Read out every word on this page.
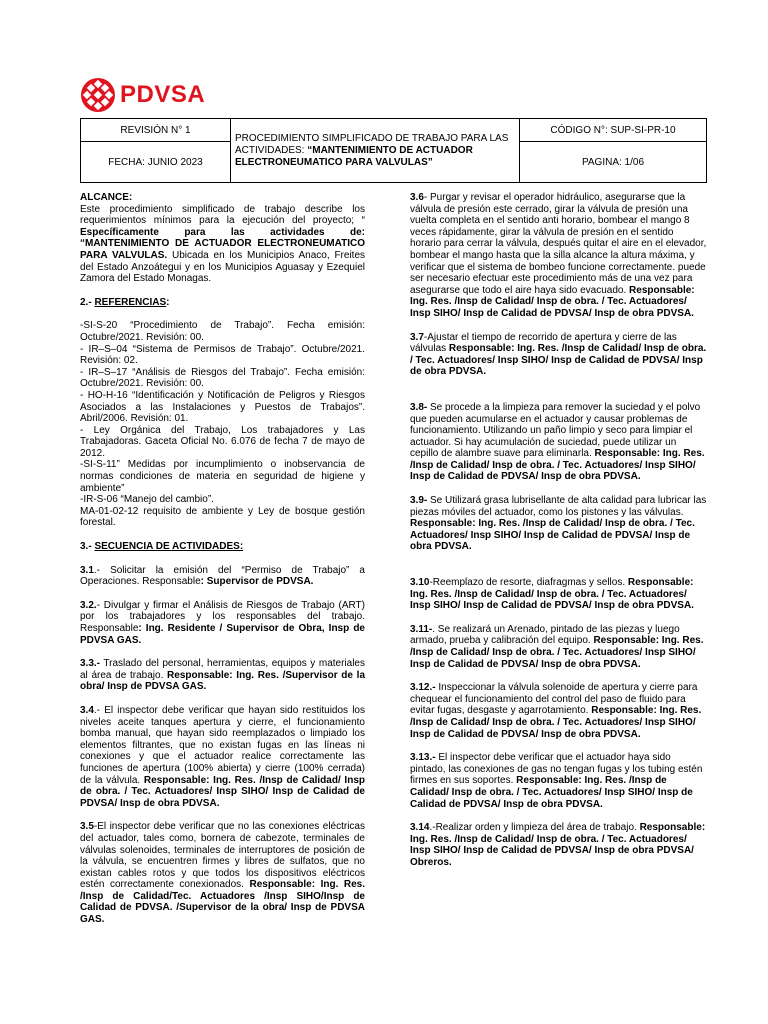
PDVSA
REVISIÓN N° 1	PROCEDIMIENTO SIMPLIFICADO DE TRABAJO PARA LAS ACTIVIDADES: “MANTENIMIENTO DE ACTUADOR ELECTRONEUMATICO PARA VALVULAS”	CÓDIGO N°: SUP-SI-PR-10
FECHA: JUNIO 2023		PAGINA: 1/06

ALCANCE:
Este procedimiento simplificado de trabajo describe los requerimientos mínimos para la ejecución del proyecto; “ Específicamente para las actividades de: “MANTENIMIENTO DE ACTUADOR ELECTRONEUMATICO PARA VALVULAS. Ubicada en los Municipios Anaco, Freites del Estado Anzoátegui y en los Municipios Aguasay y Ezequiel Zamora del Estado Monagas.

2.- REFERENCIAS:

-SI-S-20 “Procedimiento de Trabajo”. Fecha emisión: Octubre/2021. Revisión: 00.
- IR–S–04 “Sistema de Permisos de Trabajo”. Octubre/2021. Revisión: 02.
- IR–S–17 “Análisis de Riesgos del Trabajo”. Fecha emisión: Octubre/2021. Revisión: 00.
- HO-H-16 “Identificación y Notificación de Peligros y Riesgos Asociados a las Instalaciones y Puestos de Trabajos”. Abril/2006. Revisión: 01.
- Ley Orgánica del Trabajo, Los trabajadores y Las Trabajadoras. Gaceta Oficial No. 6.076 de fecha 7 de mayo de 2012.
-SI-S-11” Medidas por incumplimiento o inobservancia de normas condiciones de materia en seguridad de higiene y ambiente”
-IR-S-06 “Manejo del cambio”.
MA-01-02-12 requisito de ambiente y Ley de bosque gestión forestal.

3.- SECUENCIA DE ACTIVIDADES:

3.1.- Solicitar la emisión del “Permiso de Trabajo” a Operaciones. Responsable: Supervisor de PDVSA.

3.2.- Divulgar y firmar el Análisis de Riesgos de Trabajo (ART) por los trabajadores y los responsables del trabajo. Responsable: Ing. Residente / Supervisor de Obra, Insp de PDVSA GAS.

3.3.- Traslado del personal, herramientas, equipos y materiales al área de trabajo. Responsable: Ing. Res. /Supervisor de la obra/ Insp de PDVSA GAS.

3.4.- El inspector debe verificar que hayan sido restituidos los niveles aceite tanques apertura y cierre, el funcionamiento bomba manual, que hayan sido reemplazados o limpiado los elementos filtrantes, que no existan fugas en las líneas ni conexiones y que el actuador realice correctamente las funciones de apertura (100% abierta) y cierre (100% cerrada) de la válvula. Responsable: Ing. Res. /Insp de Calidad/ Insp de obra. / Tec. Actuadores/ Insp SIHO/ Insp de Calidad de PDVSA/ Insp de obra PDVSA.

3.5-El inspector debe verificar que no las conexiones eléctricas del actuador, tales como, bornera de cabezote, terminales de válvulas solenoides, terminales de interruptores de posición de la válvula, se encuentren firmes y libres de sulfatos, que no existan cables rotos y que todos los dispositivos eléctricos estén correctamente conexionados. Responsable: Ing. Res. /Insp de Calidad/Tec. Actuadores /Insp SIHO/Insp de Calidad de PDVSA. /Supervisor de la obra/ Insp de PDVSA GAS.

3.6- Purgar y revisar el operador hidráulico, asegurarse que la válvula de presión este cerrado, girar la válvula de presión una vuelta completa en el sentido anti horario, bombear el mango 8 veces rápidamente, girar la válvula de presión en el sentido horario para cerrar la válvula, después quitar el aire en el elevador, bombear el mango hasta que la silla alcance la altura máxima, y verificar que el sistema de bombeo funcione correctamente. puede ser necesario efectuar este procedimiento más de una vez para asegurarse que todo el aire haya sido evacuado. Responsable: Ing. Res. /Insp de Calidad/ Insp de obra. / Tec. Actuadores/ Insp SIHO/ Insp de Calidad de PDVSA/ Insp de obra PDVSA.

3.7-Ajustar el tiempo de recorrido de apertura y cierre de las válvulas Responsable: Ing. Res. /Insp de Calidad/ Insp de obra. / Tec. Actuadores/ Insp SIHO/ Insp de Calidad de PDVSA/ Insp de obra PDVSA.

3.8- Se procede a la limpieza para remover la suciedad y el polvo que pueden acumularse en el actuador y causar problemas de funcionamiento. Utilizando un paño limpio y seco para limpiar el actuador. Si hay acumulación de suciedad, puede utilizar un cepillo de alambre suave para eliminarla. Responsable: Ing. Res. /Insp de Calidad/ Insp de obra. / Tec. Actuadores/ Insp SIHO/ Insp de Calidad de PDVSA/ Insp de obra PDVSA.

3.9- Se Utilizará grasa lubrisellante de alta calidad para lubricar las piezas móviles del actuador, como los pistones y las válvulas. Responsable: Ing. Res. /Insp de Calidad/ Insp de obra. / Tec. Actuadores/ Insp SIHO/ Insp de Calidad de PDVSA/ Insp de obra PDVSA.

3.10-Reemplazo de resorte, diafragmas y sellos. Responsable: Ing. Res. /Insp de Calidad/ Insp de obra. / Tec. Actuadores/ Insp SIHO/ Insp de Calidad de PDVSA/ Insp de obra PDVSA.

3.11-. Se realizará un Arenado, pintado de las piezas y luego armado, prueba y calibración del equipo. Responsable: Ing. Res. /Insp de Calidad/ Insp de obra. / Tec. Actuadores/ Insp SIHO/ Insp de Calidad de PDVSA/ Insp de obra PDVSA.

3.12.- Inspeccionar la válvula solenoide de apertura y cierre para chequear el funcionamiento del control del paso de fluido para evitar fugas, desgaste y agarrotamiento. Responsable: Ing. Res. /Insp de Calidad/ Insp de obra. / Tec. Actuadores/ Insp SIHO/ Insp de Calidad de PDVSA/ Insp de obra PDVSA.

3.13.- El inspector debe verificar que el actuador haya sido pintado, las conexiones de gas no tengan fugas y los tubing estén firmes en sus soportes. Responsable: Ing. Res. /Insp de Calidad/ Insp de obra. / Tec. Actuadores/ Insp SIHO/ Insp de Calidad de PDVSA/ Insp de obra PDVSA.

3.14.-Realizar orden y limpieza del área de trabajo. Responsable: Ing. Res. /Insp de Calidad/ Insp de obra. / Tec. Actuadores/ Insp SIHO/ Insp de Calidad de PDVSA/ Insp de obra PDVSA/ Obreros.
